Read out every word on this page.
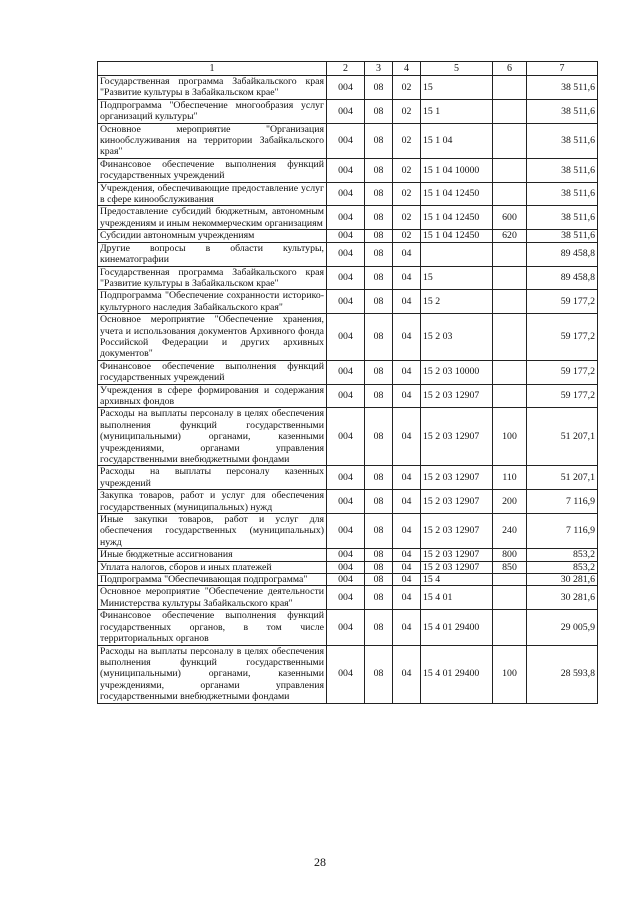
1	2	3	4	5	6	7
Государственная программа Забайкальского края "Развитие культуры в Забайкальском крае"	004	08	02	15		38 511,6
Подпрограмма "Обеспечение многообразия услуг организаций культуры"	004	08	02	15 1		38 511,6
Основное мероприятие "Организация кинообслуживания на территории Забайкальского края"	004	08	02	15 1 04		38 511,6
Финансовое обеспечение выполнения функций государственных учреждений	004	08	02	15 1 04 10000		38 511,6
Учреждения, обеспечивающие предоставление услуг в сфере кинообслуживания	004	08	02	15 1 04 12450		38 511,6
Предоставление субсидий бюджетным, автономным учреждениям и иным некоммерческим организациям	004	08	02	15 1 04 12450	600	38 511,6
Субсидии автономным учреждениям	004	08	02	15 1 04 12450	620	38 511,6
Другие вопросы в области культуры, кинематографии	004	08	04			89 458,8
Государственная программа Забайкальского края "Развитие культуры в Забайкальском крае"	004	08	04	15		89 458,8
Подпрограмма "Обеспечение сохранности историко-культурного наследия Забайкальского края"	004	08	04	15 2		59 177,2
Основное мероприятие "Обеспечение хранения, учета и использования документов Архивного фонда Российской Федерации и других архивных документов"	004	08	04	15 2 03		59 177,2
Финансовое обеспечение выполнения функций государственных учреждений	004	08	04	15 2 03 10000		59 177,2
Учреждения в сфере формирования и содержания архивных фондов	004	08	04	15 2 03 12907		59 177,2
Расходы на выплаты персоналу в целях обеспечения выполнения функций государственными (муниципальными) органами, казенными учреждениями, органами управления государственными внебюджетными фондами	004	08	04	15 2 03 12907	100	51 207,1
Расходы на выплаты персоналу казенных учреждений	004	08	04	15 2 03 12907	110	51 207,1
Закупка товаров, работ и услуг для обеспечения государственных (муниципальных) нужд	004	08	04	15 2 03 12907	200	7 116,9
Иные закупки товаров, работ и услуг для обеспечения государственных (муниципальных) нужд	004	08	04	15 2 03 12907	240	7 116,9
Иные бюджетные ассигнования	004	08	04	15 2 03 12907	800	853,2
Уплата налогов, сборов и иных платежей	004	08	04	15 2 03 12907	850	853,2
Подпрограмма "Обеспечивающая подпрограмма"	004	08	04	15 4		30 281,6
Основное мероприятие "Обеспечение деятельности Министерства культуры Забайкальского края"	004	08	04	15 4 01		30 281,6
Финансовое обеспечение выполнения функций государственных органов, в том числе территориальных органов	004	08	04	15 4 01 29400		29 005,9
Расходы на выплаты персоналу в целях обеспечения выполнения функций государственными (муниципальными) органами, казенными учреждениями, органами управления государственными внебюджетными фондами	004	08	04	15 4 01 29400	100	28 593,8
28
